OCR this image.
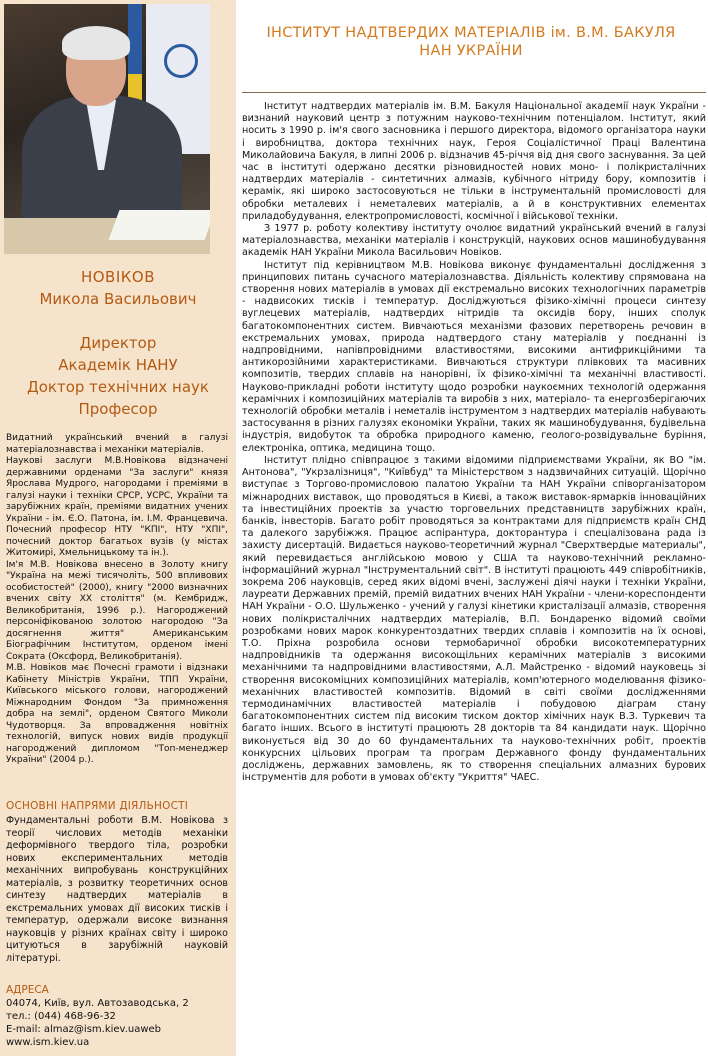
НОВІКОВ
Микола Васильович
Директор
Академік НАНУ
Доктор технічних наук
Професор

Видатний український вчений в галузі матеріалознавства і механіки матеріалів.

Наукові заслуги М.В.Новікова відзначені державними орденами "За заслуги" князя Ярослава Мудрого, нагородами і преміями в галузі науки і техніки СРСР, УСРС, України та зарубіжних країн, преміями видатних учених України - ім. Є.О. Патона, ім. І.М. Францевича. Почесний професор НТУ "КПІ", НТУ "ХПІ", почесний доктор багатьох вузів (у містах Житомирі, Хмельницькому та ін.).

Ім'я М.В. Новікова внесено в Золоту книгу "Україна на межі тисячоліть, 500 впливових особистостей" (2000), книгу "2000 визначних вчених світу ХХ століття" (м. Кембридж, Великобританія, 1996 р.). Нагороджений персоніфікованою золотою нагородою "За досягнення життя" Американським Біографічним Інститутом, орденом імені Сократа (Оксфорд, Великобританія).

М.В. Новіков має Почесні грамоти і відзнаки Кабінету Міністрів України, ТПП України, Київського міського голови, нагороджений Міжнародним Фондом "За примноження добра на землі", орденом Святого Миколи Чудотворця. За впровадження новітніх технологій, випуск нових видів продукції нагороджений дипломом "Топ-менеджер України" (2004 р.).

ОСНОВНІ НАПРЯМИ ДІЯЛЬНОСТІ
Фундаментальні роботи В.М. Новікова з теорії числових методів механіки деформівного твердого тіла, розробки нових експериментальних методів механічних випробувань конструкційних матеріалів, з розвитку теоретичних основ синтезу надтвердих матеріалів в екстремальних умовах дії високих тисків і температур, одержали високе визнання науковців у різних країнах світу і широко цитуються в зарубіжній науковій літературі.
АДРЕСА
04074, Київ, вул. Автозаводська, 2
тел.: (044) 468-96-32
E-mail: almaz@ism.kiev.uaweb
www.ism.kiev.ua
ІНСТИТУТ НАДТВЕРДИХ МАТЕРІАЛІВ ім. В.М. БАКУЛЯ
НАН УКРАЇНИ

Інститут надтвердих матеріалів ім. В.М. Бакуля Національної академії наук України - визнаний науковий центр з потужним науково-технічним потенціалом. Інститут, який носить з 1990 р. ім'я свого засновника і першого директора, відомого організатора науки і виробництва, доктора технічних наук, Героя Соціалістичної Праці Валентина Миколайовича Бакуля, в липні 2006 р. відзначив 45-річчя від дня свого заснування. За цей час в інституті одержано десятки різновидностей нових моно- і полікристалічних надтвердих матеріалів - синтетичних алмазів, кубічного нітриду бору, композитів і керамік, які широко застосовуються не тільки в інструментальній промисловості для обробки металевих і неметалевих матеріалів, а й в конструктивних елементах приладобудування, електропромисловості, космічної і військової техніки.

З 1977 р. роботу колективу інституту очолює видатний український вчений в галузі матеріалознавства, механіки матеріалів і конструкцій, наукових основ машинобудування академік НАН України Микола Васильович Новіков.

Інститут під керівництвом М.В. Новікова виконує фундаментальні дослідження з принципових питань сучасного матеріалознавства. Діяльність колективу спрямована на створення нових матеріалів в умовах дії екстремально високих технологічних параметрів - надвисоких тисків і температур. Досліджуються фізико-хімічні процеси синтезу вуглецевих матеріалів, надтвердих нітридів та оксидів бору, інших сполук багатокомпонентних систем. Вивчаються механізми фазових перетворень речовин в екстремальних умовах, природа надтвердого стану матеріалів у поєднанні із надпровідними, напівпровідними властивостями, високими антифрикційними та антикорозійними характеристиками. Вивчаються структури плівкових та масивних композитів, твердих сплавів на нанорівні, їх фізико-хімічні та механічні властивості. Науково-прикладні роботи інституту щодо розробки наукоємних технологій одержання керамічних і композиційних матеріалів та виробів з них, матеріало- та енергозберігаючих технологій обробки металів і неметалів інструментом з надтвердих матеріалів набувають застосування в різних галузях економіки України, таких як машинобудування, будівельна індустрія, видобуток та обробка природного каменю, геолого-розвідувальне буріння, електроніка, оптика, медицина тощо.

Інститут плідно співпрацює з такими відомими підприємствами України, як ВО "ім. Антонова", "Укрзалізниця", "Київбуд" та Міністерством з надзвичайних ситуацій. Щорічно виступає з Торгово-промисловою палатою України та НАН України співорганізатором міжнародних виставок, що проводяться в Києві, а також виставок-ярмарків інноваційних та інвестиційних проектів за участю торговельних представництв зарубіжних країн, банків, інвесторів. Багато робіт проводяться за контрактами для підприємств країн СНД та далекого зарубіжжя. Працює аспірантура, докторантура і спеціалізована рада із захисту дисертацій. Видається науково-теоретичний журнал "Сверхтвердые материалы", який перевидається англійською мовою у США та науково-технічний рекламно-інформаційний журнал "Інструментальний світ". В інституті працюють 449 співробітників, зокрема 206 науковців, серед яких відомі вчені, заслужені діячі науки і техніки України, лауреати Державних премій, премій видатних вчених НАН України - члени-кореспонденти НАН України - О.О. Шульженко - учений у галузі кінетики кристалізації алмазів, створення нових полікристалічних надтвердих матеріалів, В.П. Бондаренко відомий своїми розробками нових марок конкурентоздатних твердих сплавів і композитів на їх основі, Т.О. Пріхна розробила основи термобаричної обробки високотемпературних надпровідників та одержання високощільних керамічних матеріалів з високими механічними та надпровідними властивостями, А.Л. Майстренко - відомий науковець зі створення високоміцних композиційних матеріалів, комп'ютерного моделювання фізико-механічних властивостей композитів. Відомий в світі своїми дослідженнями термодинамічних властивостей матеріалів і побудовою діаграм стану багатокомпонентних систем під високим тиском доктор хімічних наук В.З. Туркевич та багато інших. Всього в інституті працюють 28 докторів та 84 кандидати наук. Щорічно виконується від 30 до 60 фундаментальних та науково-технічних робіт, проектів конкурсних цільових програм та програм Державного фонду фундаментальних досліджень, державних замовлень, як то створення спеціальних алмазних бурових інструментів для роботи в умовах об'єкту "Укриття" ЧАЕС.
